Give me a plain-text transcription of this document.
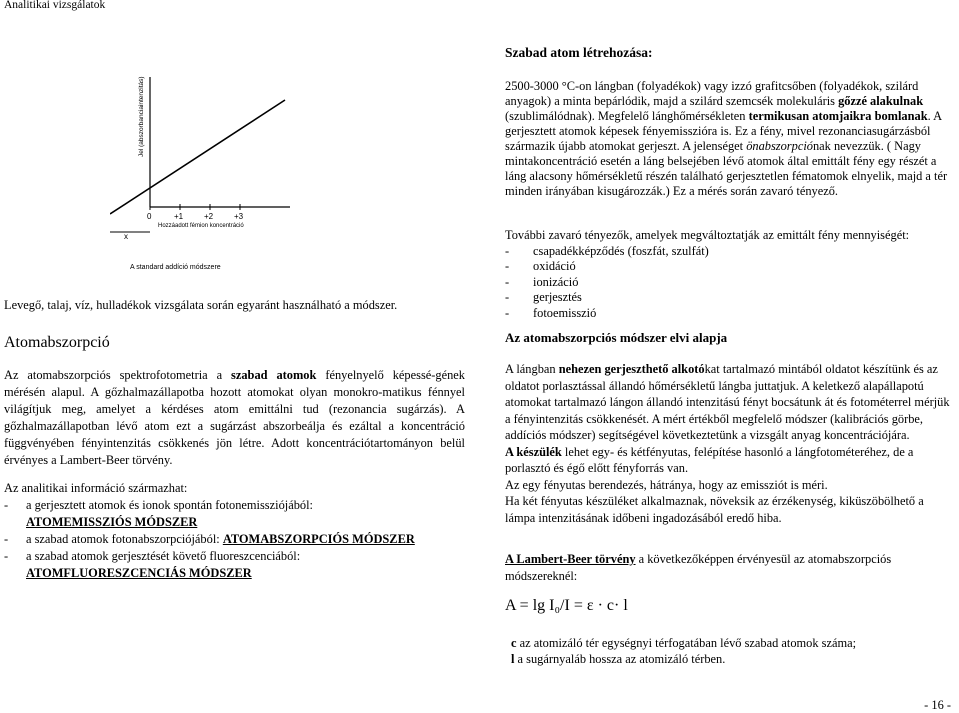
Analitikai vizsgálatok
Jel (abszorbanciaintenzitás)
0	+1	+2	+3
Hozzáadott fémion koncentráció
x
A standard addíció módszere
Levegő, talaj, víz, hulladékok vizsgálata során egyaránt használható a módszer.
Atomabszorpció
Az atomabszorpciós spektrofotometria a szabad atomok fényelnyelő képessé-gének mérésén alapul. A gőzhalmazállapotba hozott atomokat olyan monokro-matikus fénnyel világítjuk meg, amelyet a kérdéses atom emittálni tud (rezonancia sugárzás). A gőzhalmazállapotban lévő atom ezt a sugárzást abszorbeálja és ezáltal a koncentráció függvényében fényintenzitás csökkenés jön létre. Adott koncentrációtartományon belül érvényes a Lambert-Beer törvény.
Az analitikai információ származhat:
-	a gerjesztett atomok és ionok spontán fotonemissziójából:
ATOMEMISSZIÓS MÓDSZER
-	a szabad atomok fotonabszorpciójából: ATOMABSZORPCIÓS MÓDSZER
-	a szabad atomok gerjesztését követő fluoreszcenciából:
ATOMFLUORESZCENCIÁS MÓDSZER
Szabad atom létrehozása:
2500-3000 °C-on lángban (folyadékok) vagy izzó grafitcsőben (folyadékok, szilárd anyagok) a minta bepárlódik, majd a szilárd szemcsék molekuláris gőzzé alakulnak (szublimálódnak). Megfelelő lánghőmérsékleten termikusan atomjaikra bomlanak. A gerjesztett atomok képesek fényemisszióra is. Ez a fény, mivel rezonanciasugárzásból származik újabb atomokat gerjeszt. A jelenséget önabszorpciónak nevezzük. ( Nagy mintakoncentráció esetén a láng belsejében lévő atomok által emittált fény egy részét a láng alacsony hőmérsékletű részén található gerjesztetlen fématomok elnyelik, majd a tér minden irányában kisugározzák.) Ez a mérés során zavaró tényező.
További zavaró tényezők, amelyek megváltoztatják az emittált fény mennyiségét:
-	csapadékképződés (foszfát, szulfát)
-	oxidáció
-	ionizáció
-	gerjesztés
-	fotoemisszió
Az atomabszorpciós módszer elvi alapja
A lángban nehezen gerjeszthető alkotókat tartalmazó mintából oldatot készítünk és az oldatot porlasztással állandó hőmérsékletű lángba juttatjuk. A keletkező alapállapotú atomokat tartalmazó lángon állandó intenzitású fényt bocsátunk át és fotométerrel mérjük a fényintenzitás csökkenését. A mért értékből megfelelő módszer (kalibrációs görbe, addíciós módszer) segítségével következtetünk a vizsgált anyag koncentrációjára.
A készülék lehet egy- és kétfényutas, felépítése hasonló a lángfotométeréhez, de a porlasztó és égő előtt fényforrás van.
Az egy fényutas berendezés, hátránya, hogy az emissziót is méri.
Ha két fényutas készüléket alkalmaznak, növeksik az érzékenység, kiküszöbölhető a lámpa intenzitásának időbeni ingadozásából eredő hiba.
A Lambert-Beer törvény a következőképpen érvényesül az atomabszorpciós módszereknél:
A = lg I₀/I = ε · c· l
c az atomizáló tér egységnyi térfogatában lévő szabad atomok száma;
l a sugárnyaláb hossza az atomizáló térben.
- 16 -
